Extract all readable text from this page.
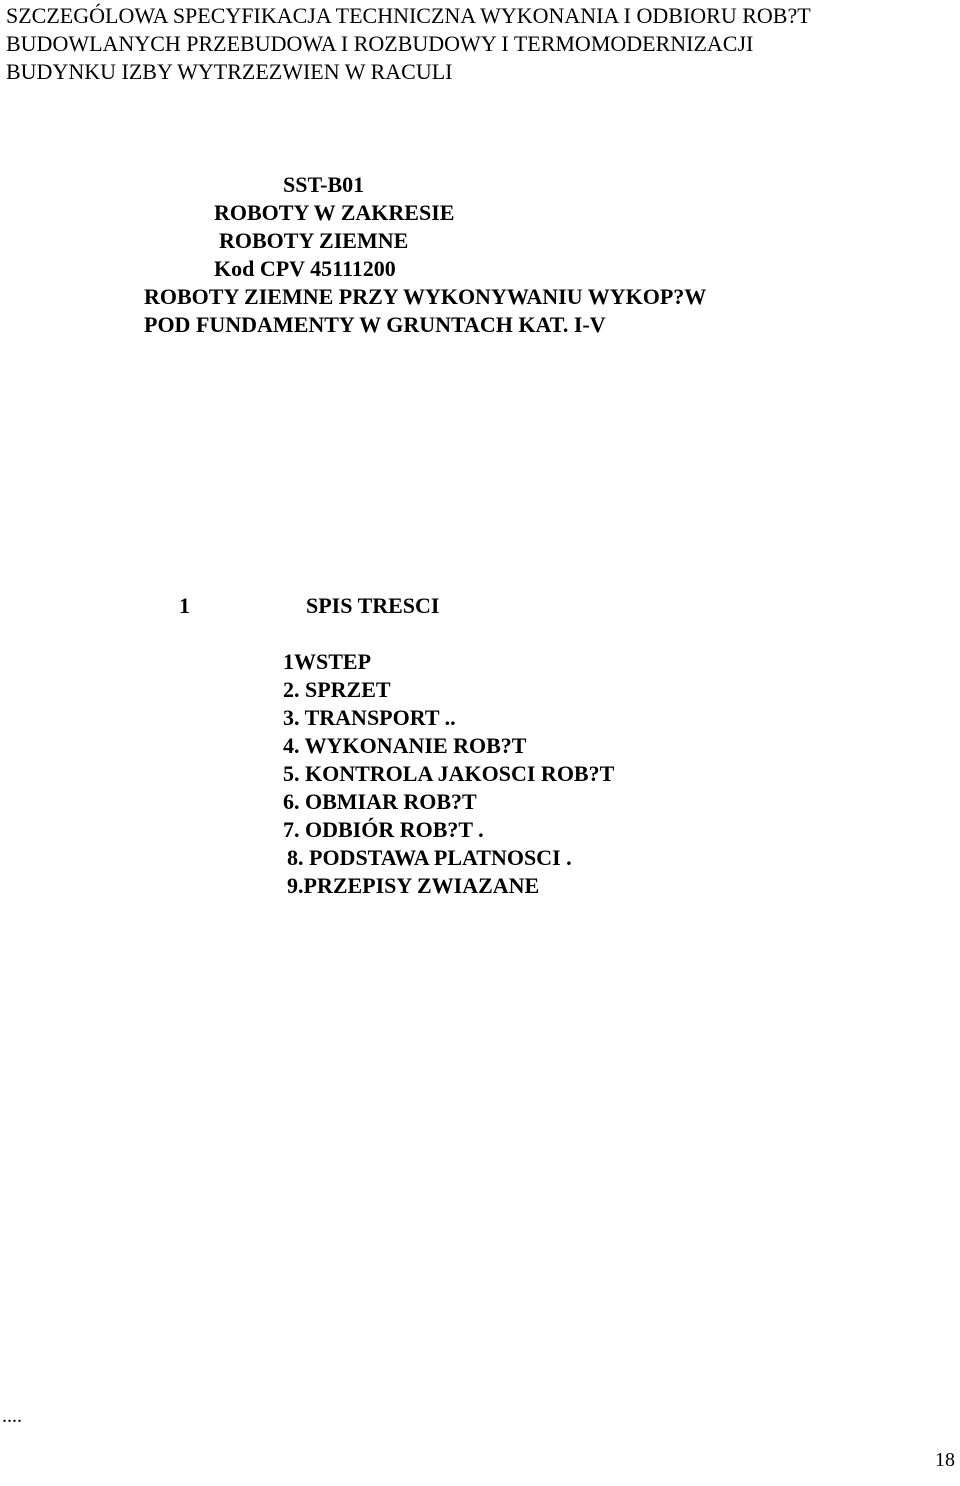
SZCZEGÓLOWA SPECYFIKACJA TECHNICZNA WYKONANIA I ODBIORU ROB?T
BUDOWLANYCH PRZEBUDOWA I ROZBUDOWY I TERMOMODERNIZACJI
BUDYNKU IZBY WYTRZEZWIEN W RACULI
SST-B01
ROBOTY W ZAKRESIE
ROBOTY ZIEMNE
Kod CPV 45111200
ROBOTY ZIEMNE PRZY WYKONYWANIU WYKOP?W
POD FUNDAMENTY W GRUNTACH KAT. I-V
1	SPIS TRESCI
1WSTEP
2. SPRZET
3. TRANSPORT ..
4. WYKONANIE ROB?T
5. KONTROLA JAKOSCI ROB?T
6. OBMIAR ROB?T
7. ODBIÓR ROB?T .
8. PODSTAWA PLATNOSCI .
9.PRZEPISY ZWIAZANE
....
18
